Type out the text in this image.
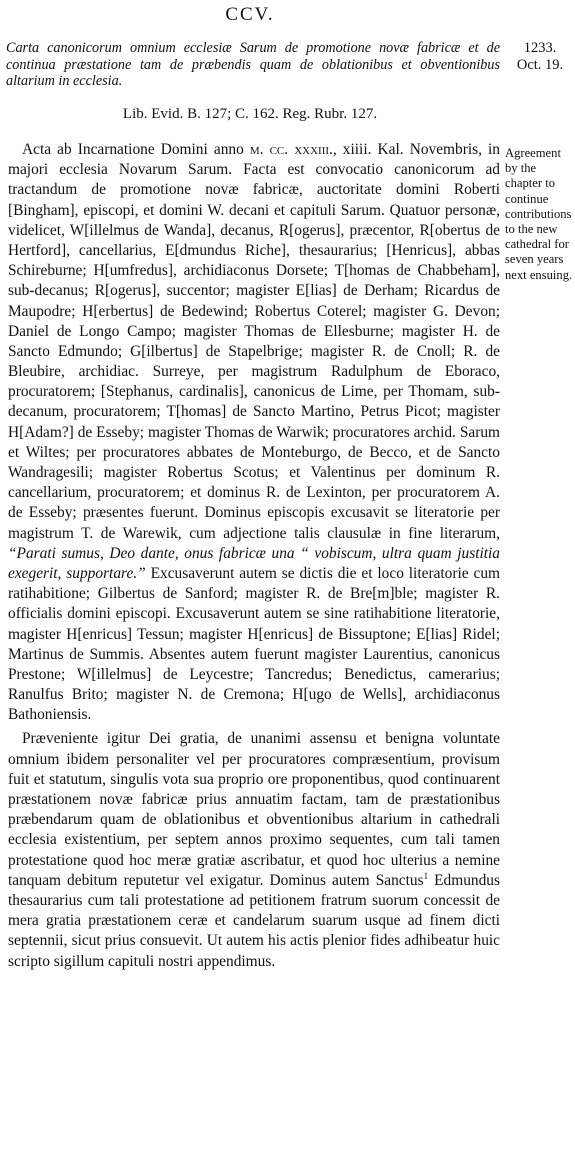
CCV.

Carta canonicorum omnium ecclesiæ Sarum de promotione novæ fabricæ et de continua præstatione tam de præbendis quam de oblationibus et obventionibus altarium in ecclesia.

1233.
Oct. 19.
Lib. Evid. B. 127; C. 162. Reg. Rubr. 127.
Agreement by the chapter to continue contributions to the new cathedral for seven years next ensuing.

Acta ab Incarnatione Domini anno m. cc. xxxiii., xiiii. Kal. Novembris, in majori ecclesia Novarum Sarum. Facta est convocatio canonicorum ad tractandum de promotione novæ fabricæ, auctoritate domini Roberti [Bingham], episcopi, et domini W. decani et capituli Sarum. Quatuor personæ, videlicet, W[illelmus de Wanda], decanus, R[ogerus], præcentor, R[obertus de Hertford], cancellarius, E[dmundus Riche], thesaurarius; [Henricus], abbas Schireburne; H[umfredus], archidiaconus Dorsete; T[homas de Chabbeham], sub-decanus; R[ogerus], succentor; magister E[lias] de Derham; Ricardus de Maupodre; H[erbertus] de Bedewind; Robertus Coterel; magister G. Devon; Daniel de Longo Campo; magister Thomas de Ellesburne; magister H. de Sancto Edmundo; G[ilbertus] de Stapelbrige; magister R. de Cnoll; R. de Bleubire, archidiac. Surreye, per magistrum Radulphum de Eboraco, procuratorem; [Stephanus, cardinalis], canonicus de Lime, per Thomam, sub-decanum, procuratorem; T[homas] de Sancto Martino, Petrus Picot; magister H[Adam?] de Esseby; magister Thomas de Warwik; procuratores archid. Sarum et Wiltes; per procuratores abbates de Monteburgo, de Becco, et de Sancto Wandragesili; magister Robertus Scotus; et Valentinus per dominum R. cancellarium, procuratorem; et dominus R. de Lexinton, per procuratorem A. de Esseby; præsentes fuerunt. Dominus episcopis excusavit se literatorie per magistrum T. de Warewik, cum adjectione talis clausulæ in fine literarum, “Parati sumus, Deo dante, onus fabricæ una “ vobiscum, ultra quam justitia exegerit, supportare.” Excusaverunt autem se dictis die et loco literatorie cum ratihabitione; Gilbertus de Sanford; magister R. de Bre[m]ble; magister R. officialis domini episcopi. Excusaverunt autem se sine ratihabitione literatorie, magister H[enricus] Tessun; magister H[enricus] de Bissuptone; E[lias] Ridel; Martinus de Summis. Absentes autem fuerunt magister Laurentius, canonicus Prestone; W[illelmus] de Leycestre; Tancredus; Benedictus, camerarius; Ranulfus Brito; magister N. de Cremona; H[ugo de Wells], archidiaconus Bathoniensis.

Præveniente igitur Dei gratia, de unanimi assensu et benigna voluntate omnium ibidem personaliter vel per procuratores compræsentium, provisum fuit et statutum, singulis vota sua proprio ore proponentibus, quod continuarent præstationem novæ fabricæ prius annuatim factam, tam de præstationibus præbendarum quam de oblationibus et obventionibus altarium in cathedrali ecclesia existentium, per septem annos proximo sequentes, cum tali tamen protestatione quod hoc meræ gratiæ ascribatur, et quod hoc ulterius a nemine tanquam debitum reputetur vel exigatur. Dominus autem Sanctus$^1$ Edmundus thesaurarius cum tali protestatione ad petitionem fratrum suorum concessit de mera gratia præstationem ceræ et candelarum suarum usque ad finem dicti septennii, sicut prius consuevit. Ut autem his actis plenior fides adhibeatur huic scripto sigillum capituli nostri appendimus.
